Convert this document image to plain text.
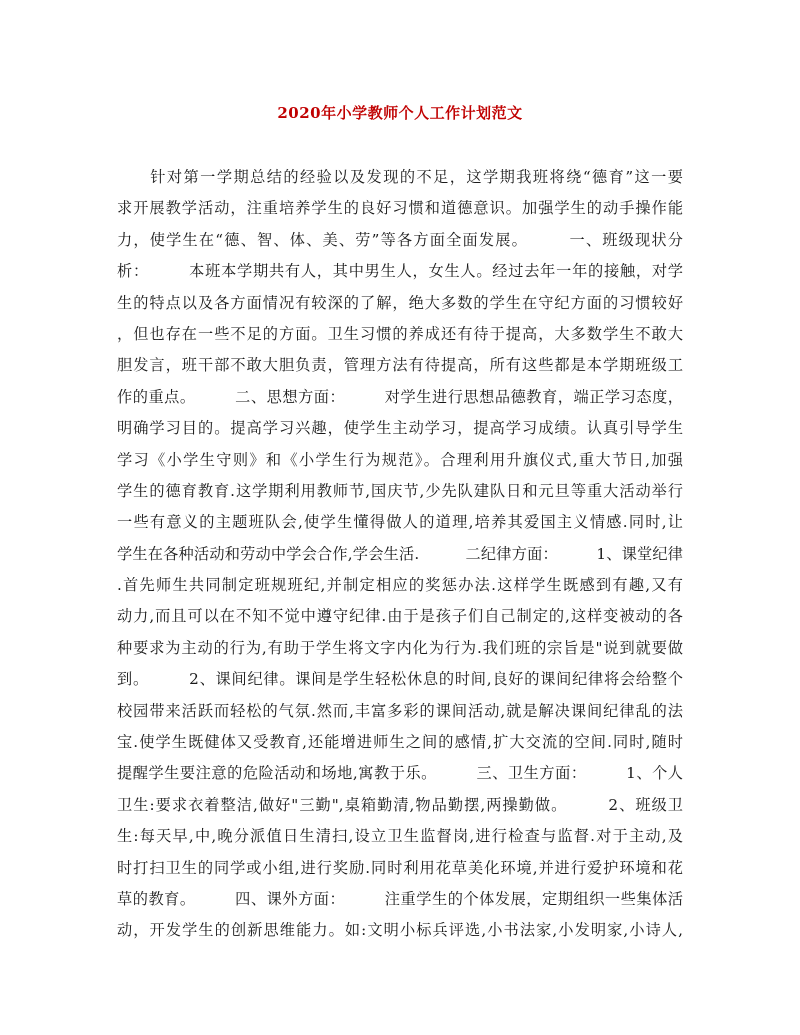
2020年小学教师个人工作计划范文
　　针对第一学期总结的经验以及发现的不足，这学期我班将绕“德育”这一要
求开展教学活动，注重培养学生的良好习惯和道德意识。加强学生的动手操作能
力，使学生在“德、智、体、美、劳”等各方面全面发展。　　　一、班级现状分
析：　　　本班本学期共有人，其中男生人，女生人。经过去年一年的接触，对学
生的特点以及各方面情况有较深的了解，绝大多数的学生在守纪方面的习惯较好
，但也存在一些不足的方面。卫生习惯的养成还有待于提高，大多数学生不敢大
胆发言，班干部不敢大胆负责，管理方法有待提高，所有这些都是本学期班级工
作的重点。　　　二、思想方面：　　　对学生进行思想品德教育，端正学习态度，
明确学习目的。提高学习兴趣，使学生主动学习，提高学习成绩。认真引导学生
学习《小学生守则》和《小学生行为规范》。合理利用升旗仪式,重大节日,加强
学生的德育教育.这学期利用教师节,国庆节,少先队建队日和元旦等重大活动举行
一些有意义的主题班队会,使学生懂得做人的道理,培养其爱国主义情感.同时,让
学生在各种活动和劳动中学会合作,学会生活.　　　二纪律方面：　　　1、课堂纪律
.首先师生共同制定班规班纪,并制定相应的奖惩办法.这样学生既感到有趣,又有
动力,而且可以在不知不觉中遵守纪律.由于是孩子们自己制定的,这样变被动的各
种要求为主动的行为,有助于学生将文字内化为行为.我们班的宗旨是"说到就要做
到。　　　2、课间纪律。课间是学生轻松休息的时间,良好的课间纪律将会给整个
校园带来活跃而轻松的气氛.然而,丰富多彩的课间活动,就是解决课间纪律乱的法
宝.使学生既健体又受教育,还能增进师生之间的感情,扩大交流的空间.同时,随时
提醒学生要注意的危险活动和场地,寓教于乐。　　　三、卫生方面：　　　1、个人
卫生:要求衣着整洁,做好"三勤",桌箱勤清,物品勤摆,两操勤做。　　　2、班级卫
生:每天早,中,晚分派值日生清扫,设立卫生监督岗,进行检查与监督.对于主动,及
时打扫卫生的同学或小组,进行奖励.同时利用花草美化环境,并进行爱护环境和花
草的教育。　　　四、课外方面：　　　注重学生的个体发展，定期组织一些集体活
动，开发学生的创新思维能力。如:文明小标兵评选,小书法家,小发明家,小诗人,
